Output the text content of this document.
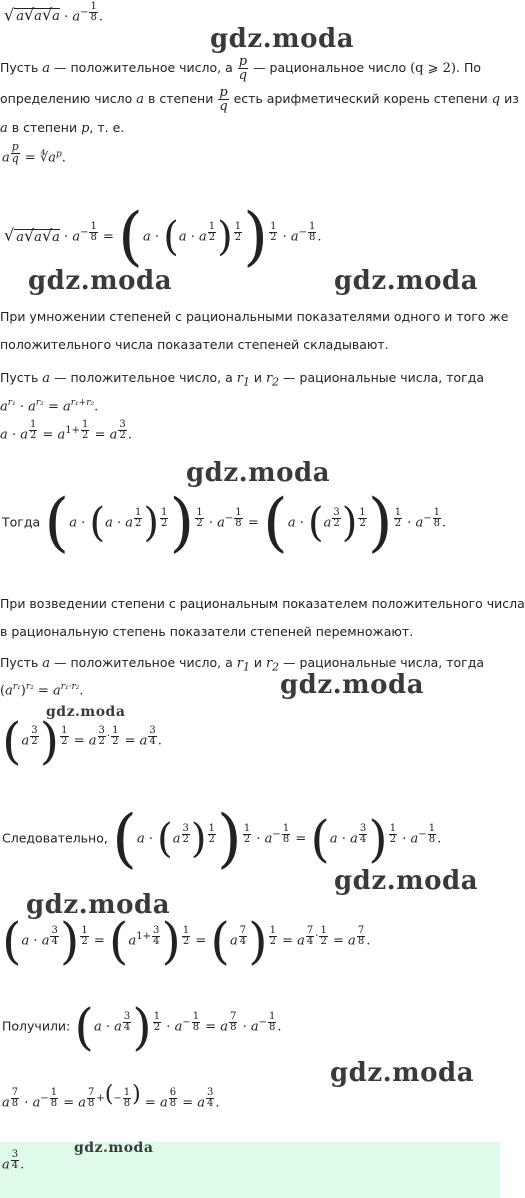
√ $a√a√a \cdot a^{- \frac{1}{8}}$ .
gdz.moda
Пусть a — положительное число, а $\frac{p}{q}$ — рациональное число (q ⩾ 2). По
определению число a в степени $\frac{p}{q}$ есть арифметический корень степени q из
a в степени p, т. е.
a $^{\frac{p}{q}} = ∜a^p$.
√ $a√a√a \cdot a^{- \frac{1}{8}} = (a \cdot (a \cdot a$ $^{\frac{1}{2}}$ ) $^{\frac{1}{2}}$ ) $^{\frac{1}{2}} \cdot a^{- \frac{1}{8}}$ .
gdz.moda	gdz.moda
При умножении степеней с рациональными показателями одного и того же
положительного числа показатели степеней складывают.
Пусть a — положительное число, а $r_1$ и $r_2$ — рациональные числа, тогда
$a^{r_1} \cdot a^{r_2} = a^{r_1+r_2}$.
a · a $^{\frac{1}{2}} = a^{1+ \frac{1}{2}} = a$ $^{\frac{3}{2}}$ .
gdz.moda
Тогда (a · (a · a $^{\frac{1}{2}}$ ) $^{\frac{1}{2}}$ ) $^{\frac{1}{2}} \cdot a^{- \frac{1}{8}} = (a \cdot (a$ $^{\frac{3}{2}}$ ) $^{\frac{1}{2}}$ ) $^{\frac{1}{2}} \cdot a^{- \frac{1}{8}}$ .
При возведении степени с рациональным показателем положительного числа
в рациональную степень показатели степеней перемножают.
Пусть a — положительное число, а $r_1$ и $r_2$ — рациональные числа, тогда
gdz.moda
$(a^{r_1})^{r_2} = a^{r_1\cdot r_2}$.
gdz.moda
(a $^{\frac{3}{2}}$ ) $^{\frac{1}{2}}$ = a $^{\frac{3}{2} \cdot \frac{1}{2}}$ = a $^{\frac{3}{4}}$ .
Следовательно, (a · (a $^{\frac{3}{2}}$ ) $^{\frac{1}{2}}$ ) $^{\frac{1}{2}} \cdot a^{- \frac{1}{8}} = (a \cdot a$ $^{\frac{3}{4}}$ ) $^{\frac{1}{2}} \cdot a^{- \frac{1}{8}}$ .
gdz.moda
gdz.moda
(a · a $^{\frac{3}{4}}$ ) $^{\frac{1}{2}} = (a^{1+ \frac{3}{4}}$ ) $^{\frac{1}{2}}$ = (a $^{\frac{7}{4}}$ ) $^{\frac{1}{2}}$ = a $^{\frac{7}{4} \cdot \frac{1}{2}}$ = a $^{\frac{7}{8}}$ .
Получили: (a · a $^{\frac{3}{4}}$ ) $^{\frac{1}{2}} \cdot a^{- \frac{1}{8}} = a$ $^{\frac{7}{8}} \cdot a^{- \frac{1}{8}}$ .
gdz.moda
a $^{\frac{7}{8}} \cdot a^{- \frac{1}{8}} = a$ $^{\frac{7}{8} +(- \frac{1}{8} )}$ = a $^{\frac{6}{8}}$ = a $^{\frac{3}{4}}$ .
a $^{\frac{3}{4}}$ .
gdz.moda
